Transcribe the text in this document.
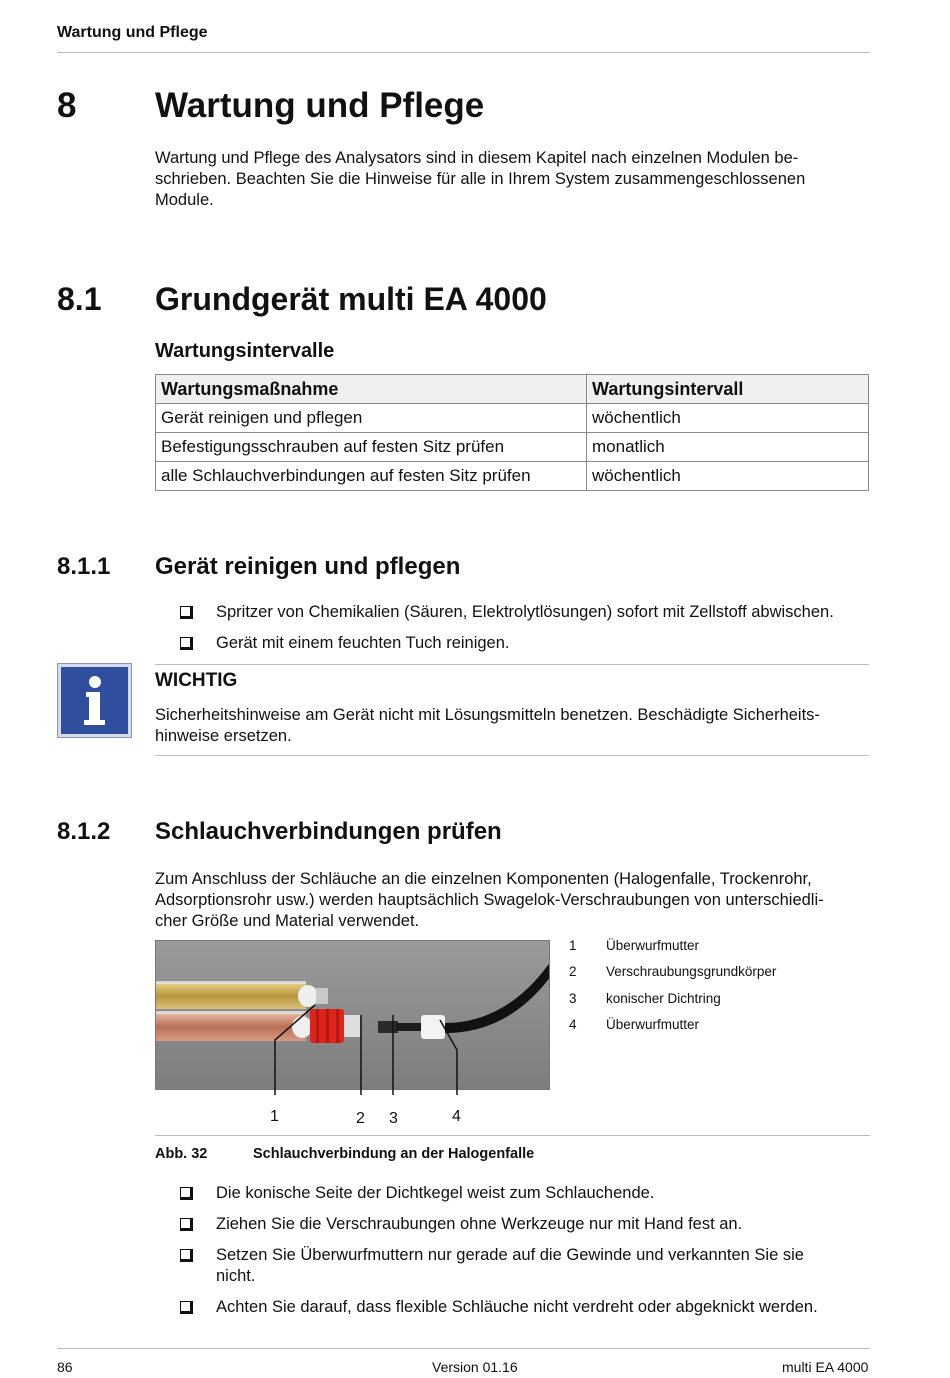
Wartung und Pflege
8 Wartung und Pflege
Wartung und Pflege des Analysators sind in diesem Kapitel nach einzelnen Modulen be-
schrieben. Beachten Sie die Hinweise für alle in Ihrem System zusammengeschlossenen
Module.
8.1 Grundgerät multi EA 4000
Wartungsintervalle
Wartungsmaßnahme	Wartungsintervall
Gerät reinigen und pflegen	wöchentlich
Befestigungsschrauben auf festen Sitz prüfen	monatlich
alle Schlauchverbindungen auf festen Sitz prüfen	wöchentlich
8.1.1 Gerät reinigen und pflegen
Spritzer von Chemikalien (Säuren, Elektrolytlösungen) sofort mit Zellstoff abwischen.
Gerät mit einem feuchten Tuch reinigen.
WICHTIG
Sicherheitshinweise am Gerät nicht mit Lösungsmitteln benetzen. Beschädigte Sicherheits-
hinweise ersetzen.
8.1.2 Schlauchverbindungen prüfen
Zum Anschluss der Schläuche an die einzelnen Komponenten (Halogenfalle, Trockenrohr,
Adsorptionsrohr usw.) werden hauptsächlich Swagelok-Verschraubungen von unterschiedli-
cher Größe und Material verwendet.
1	2 3	4
1 Überwurfmutter
2 Verschraubungsgrundkörper
3 konischer Dichtring
4 Überwurfmutter
Abb. 32	Schlauchverbindung an der Halogenfalle
Die konische Seite der Dichtkegel weist zum Schlauchende.
Ziehen Sie die Verschraubungen ohne Werkzeuge nur mit Hand fest an.
Setzen Sie Überwurfmuttern nur gerade auf die Gewinde und verkannten Sie sie
nicht.
Achten Sie darauf, dass flexible Schläuche nicht verdreht oder abgeknickt werden.
86	Version 01.16	multi EA 4000
